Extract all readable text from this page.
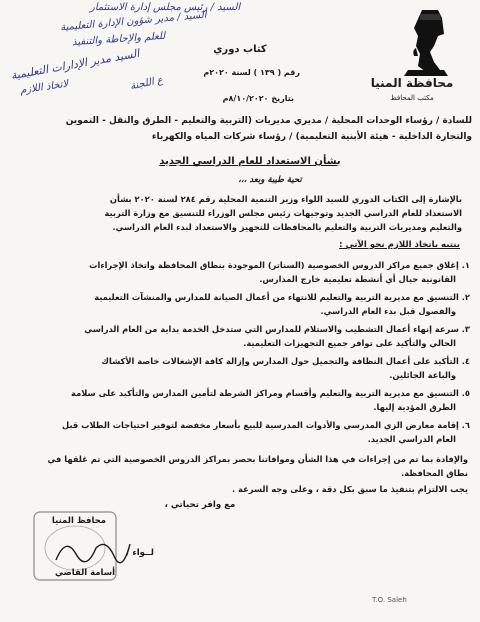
محافظة المنيا
مكتب المحافظ
كتاب دوري
رقم ( ١٣٩ ) لسنة ٢٠٢٠م
بتاريخ ٨/١٠/٢٠٢٠م
السيد / رئيس مجلس إدارة الاستثمار
السيد / مدير شؤون الإدارة التعليمية
للعلم والإحاطة والتنفيذ
السيد مدير الإدارات التعليمية
لاتخاذ اللازم	ع اللجنة
للسادة / رؤساء الوحدات المحلية / مديري مديريات (التربية والتعليم - الطرق والنقل - التموين
والتجارة الداخلية - هيئة الأبنية التعليمية) / رؤساء شركات المياه والكهرباء
بشأن الاستعداد للعام الدراسي الجديد
تحية طيبة وبعد ،،،
بالإشارة إلى الكتاب الدوري للسيد اللواء وزير التنمية المحلية رقم ٢٨٤ لسنة ٢٠٢٠ بشأن
الاستعداد للعام الدراسي الجديد وتوجيهات رئيس مجلس الوزراء للتنسيق مع وزارة التربية
والتعليم ومديريات التربية والتعليم بالمحافظات للتجهيز والاستعداد لبدء العام الدراسي.
ينتبه باتخاذ اللازم نحو الآتي :
١. إغلاق جميع مراكز الدروس الخصوصية (السناتر) الموجودة بنطاق المحافظة واتخاذ الإجراءات
القانونية حيال أي أنشطة تعليمية خارج المدارس.
٢. التنسيق مع مديرية التربية والتعليم للانتهاء من أعمال الصيانة للمدارس والمنشآت التعليمية
والفصول قبل بدء العام الدراسي.
٣. سرعة إنهاء أعمال التشطيب والاستلام للمدارس التي ستدخل الخدمة بداية من العام الدراسي
الحالي والتأكيد على توافر جميع التجهيزات التعليمية.
٤. التأكيد على أعمال النظافة والتجميل حول المدارس وإزالة كافة الإشغالات خاصة الأكشاك
والباعة الجائلين.
٥. التنسيق مع مديرية التربية والتعليم وأقسام ومراكز الشرطة لتأمين المدارس والتأكيد على سلامة
الطرق المؤدية إليها.
٦. إقامة معارض الزي المدرسي والأدوات المدرسية للبيع بأسعار مخفضة لتوفير احتياجات الطلاب قبل
العام الدراسي الجديد.
والإفادة بما تم من إجراءات في هذا الشأن وموافاتنا بحصر بمراكز الدروس الخصوصية التي تم غلقها في
نطاق المحافظة.
يجب الالتزام بتنفيذ ما سبق بكل دقة ، وعلى وجه السرعة .
مع وافر تحياتي ،
محافظ المنيا
لــواء /
أسامة القاضي
T.O. Saleh
